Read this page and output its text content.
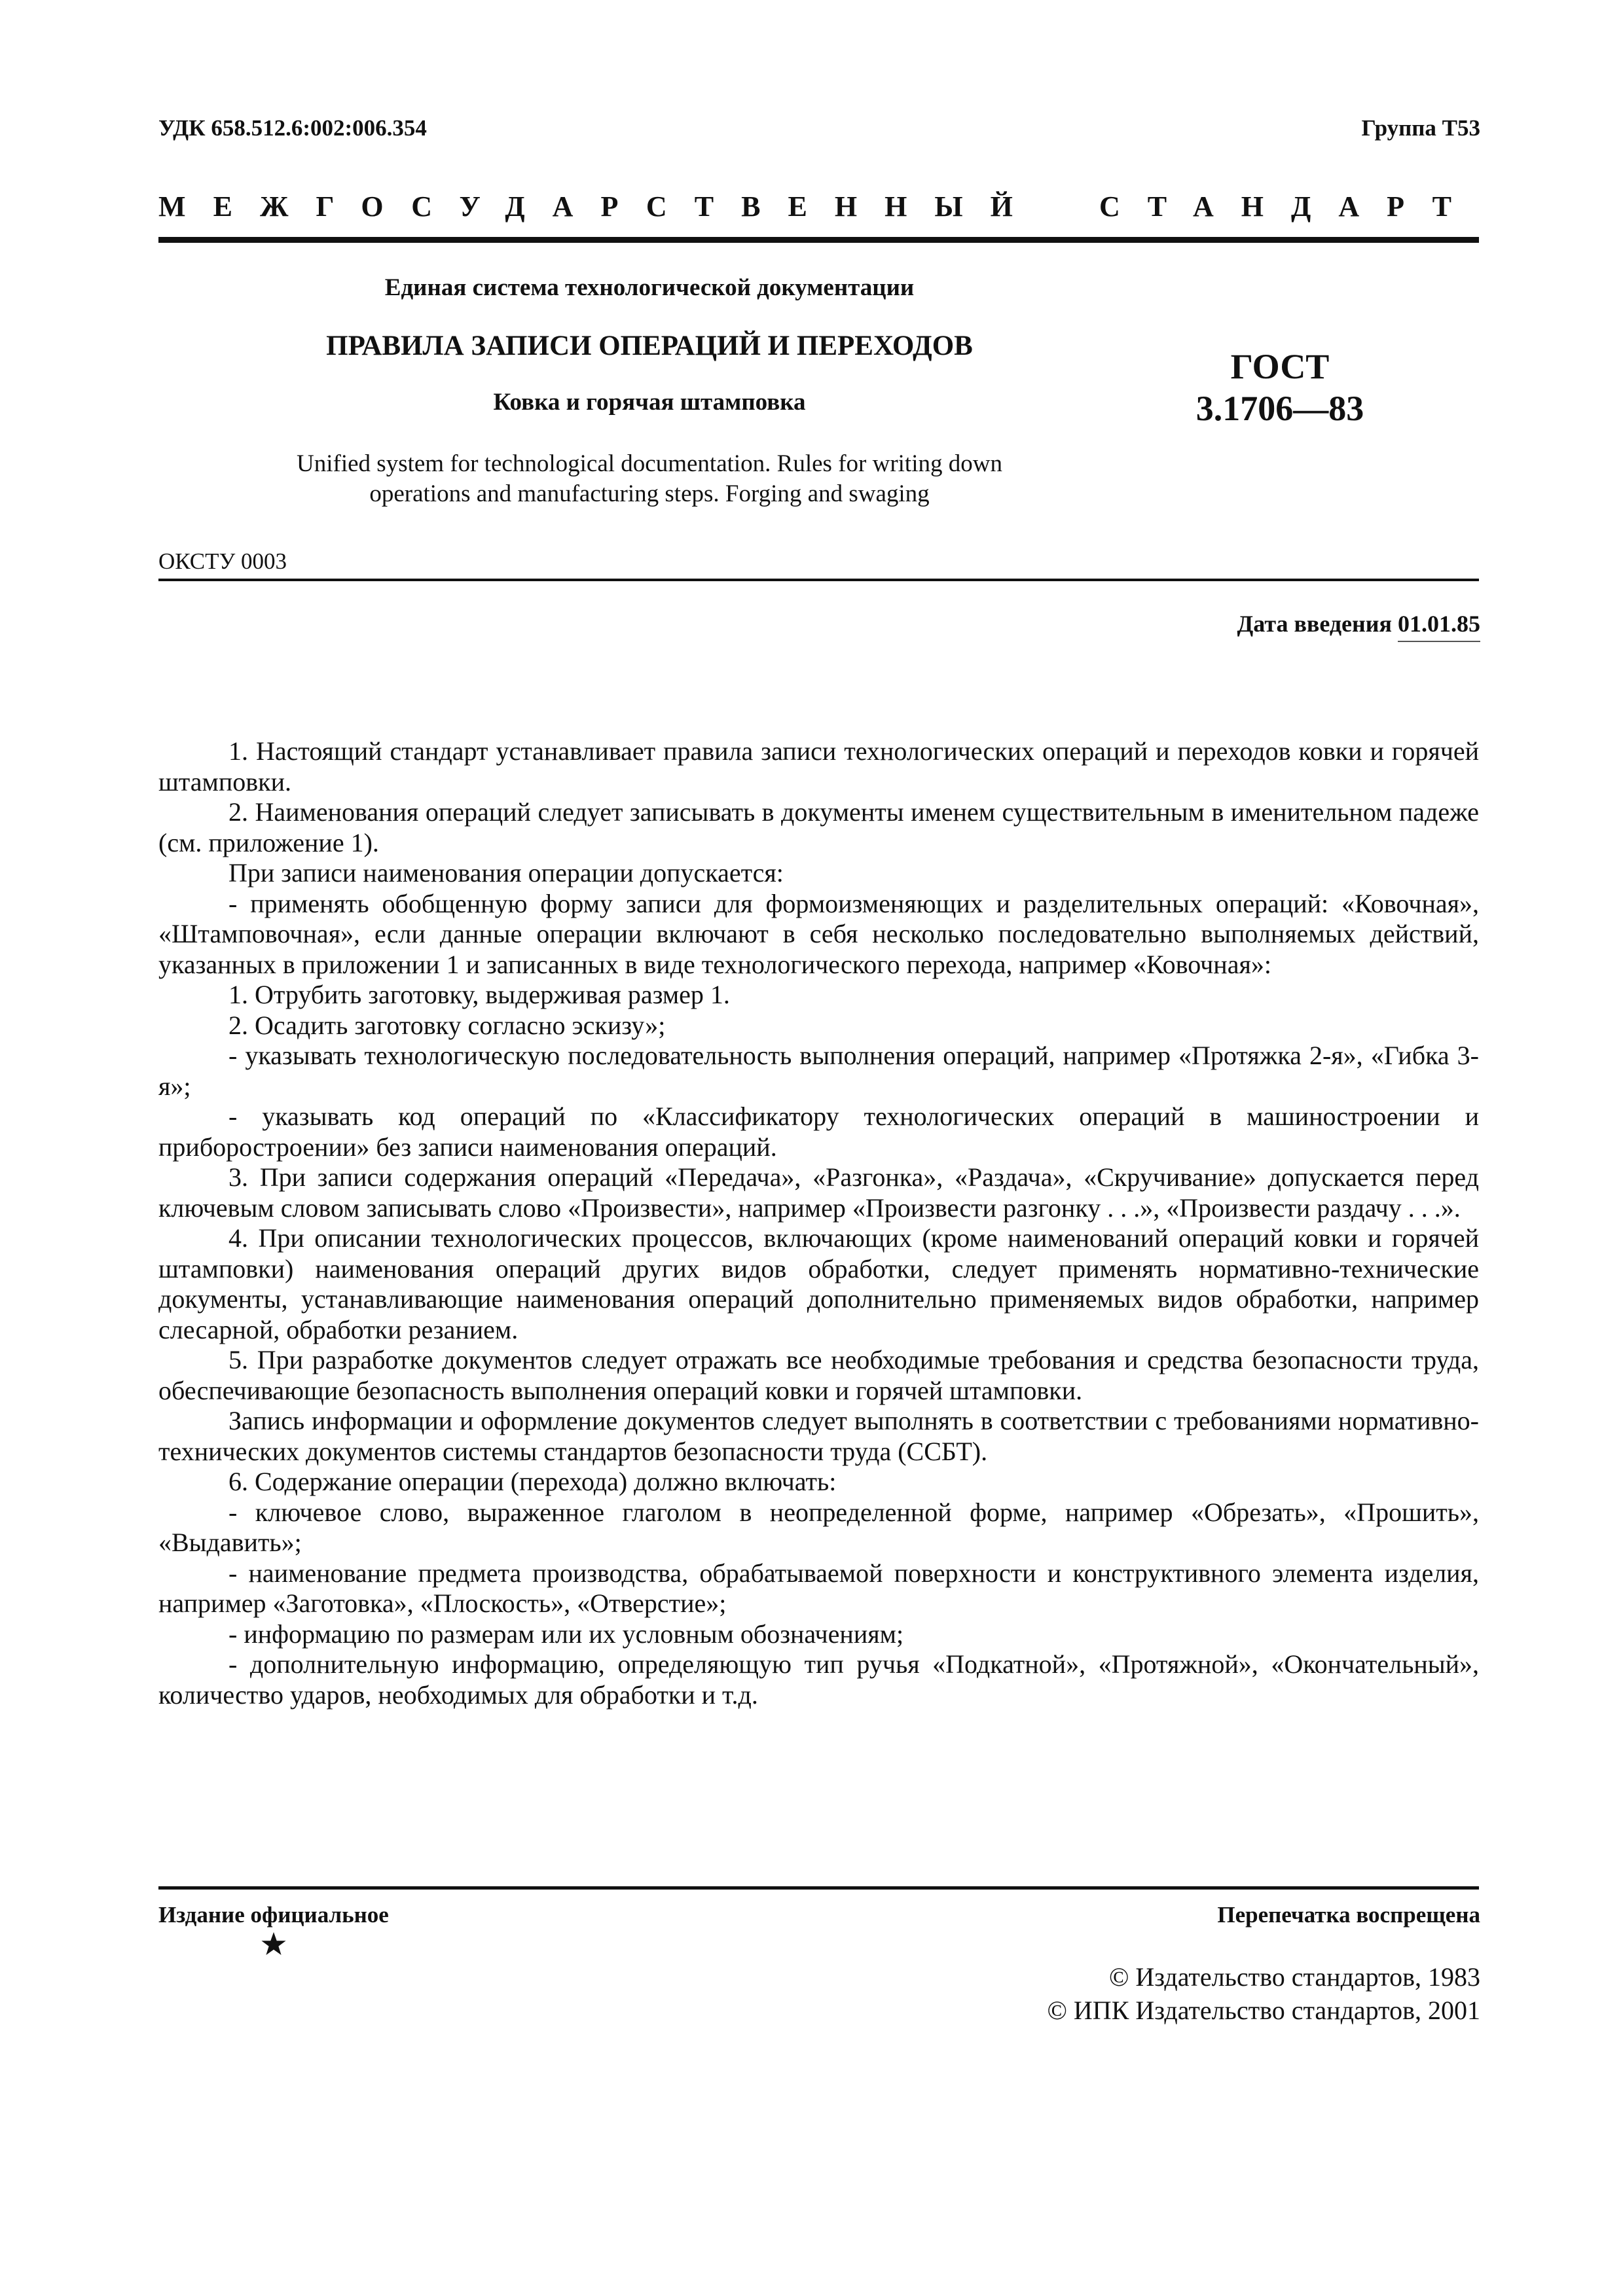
УДК 658.512.6:002:006.354	Группа Т53
МЕЖГОСУДАРСТВЕННЫЙ СТАНДАРТ
Единая система технологической документации
ПРАВИЛА ЗАПИСИ ОПЕРАЦИЙ И ПЕРЕХОДОВ
Ковка и горячая штамповка
Unified system for technological documentation. Rules for writing down
operations and manufacturing steps. Forging and swaging
ГОСТ
3.1706—83
ОКСТУ 0003
Дата введения 01.01.85

1. Настоящий стандарт устанавливает правила записи технологических операций и переходов ковки и горячей штамповки.

2. Наименования операций следует записывать в документы именем существительным в именительном падеже (см. приложение 1).

При записи наименования операции допускается:

- применять обобщенную форму записи для формоизменяющих и разделительных операций: «Ковочная», «Штамповочная», если данные операции включают в себя несколько последовательно выполняемых действий, указанных в приложении 1 и записанных в виде технологического перехода, например «Ковочная»:

1. Отрубить заготовку, выдерживая размер 1.

2. Осадить заготовку согласно эскизу»;

- указывать технологическую последовательность выполнения операций, например «Протяжка 2-я», «Гибка 3-я»;

- указывать код операций по «Классификатору технологических операций в машиностроении и приборостроении» без записи наименования операций.

3. При записи содержания операций «Передача», «Разгонка», «Раздача», «Скручивание» допускается перед ключевым словом записывать слово «Произвести», например «Произвести разгонку . . .», «Произвести раздачу . . .».

4. При описании технологических процессов, включающих (кроме наименований операций ковки и горячей штамповки) наименования операций других видов обработки, следует применять нормативно-технические документы, устанавливающие наименования операций дополнительно применяемых видов обработки, например слесарной, обработки резанием.

5. При разработке документов следует отражать все необходимые требования и средства безопасности труда, обеспечивающие безопасность выполнения операций ковки и горячей штамповки.

Запись информации и оформление документов следует выполнять в соответствии с требованиями нормативно-технических документов системы стандартов безопасности труда (ССБТ).

6. Содержание операции (перехода) должно включать:

- ключевое слово, выраженное глаголом в неопределенной форме, например «Обрезать», «Прошить», «Выдавить»;

- наименование предмета производства, обрабатываемой поверхности и конструктивного элемента изделия, например «Заготовка», «Плоскость», «Отверстие»;

- информацию по размерам или их условным обозначениям;

- дополнительную информацию, определяющую тип ручья «Подкатной», «Протяжной», «Окончательный», количество ударов, необходимых для обработки и т.д.

Издание официальное	Перепечатка воспрещена
© Издательство стандартов, 1983
© ИПК Издательство стандартов, 2001
